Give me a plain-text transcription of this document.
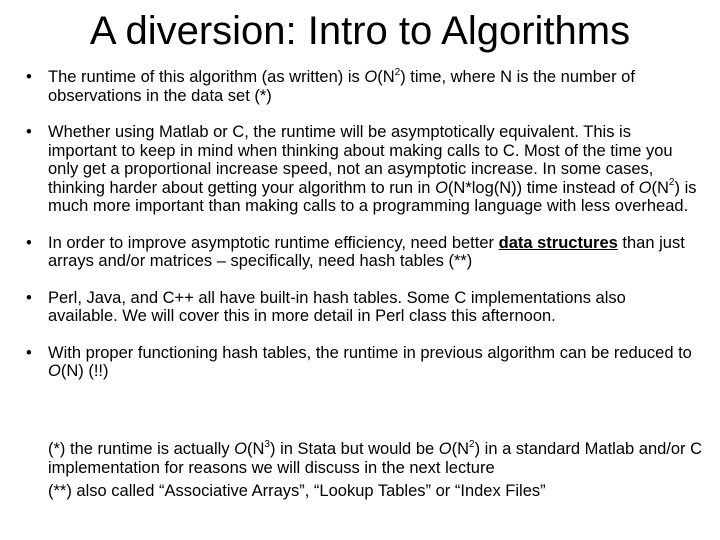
A diversion: Intro to Algorithms
• The runtime of this algorithm (as written) is $O(N^2)$ time, where N is the number of observations in the data set (*)
• Whether using Matlab or C, the runtime will be asymptotically equivalent. This is important to keep in mind when thinking about making calls to C. Most of the time you only get a proportional increase speed, not an asymptotic increase. In some cases, thinking harder about getting your algorithm to run in O(N*log(N)) time instead of $O(N^2)$ is much more important than making calls to a programming language with less overhead.
• In order to improve asymptotic runtime efficiency, need better data structures than just arrays and/or matrices – specifically, need hash tables (**)
• Perl, Java, and C++ all have built-in hash tables. Some C implementations also available. We will cover this in more detail in Perl class this afternoon.
• With proper functioning hash tables, the runtime in previous algorithm can be reduced to O(N) (!!)

(*) the runtime is actually $O(N^3)$ in Stata but would be $O(N^2)$ in a standard Matlab and/or C implementation for reasons we will discuss in the next lecture

(**) also called “Associative Arrays”, “Lookup Tables” or “Index Files”
